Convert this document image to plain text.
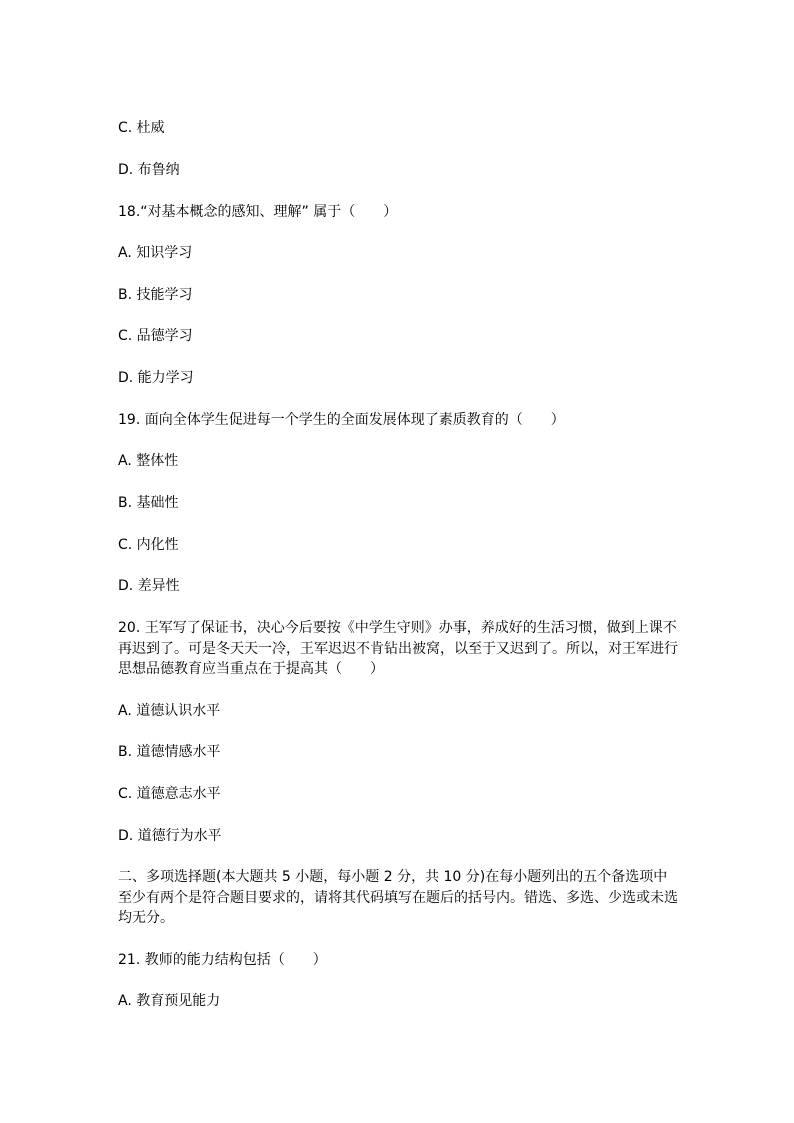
C. 杜威
D. 布鲁纳
18.“对基本概念的感知、理解” 属于（　　）
A. 知识学习
B. 技能学习
C. 品德学习
D. 能力学习
19. 面向全体学生促进每一个学生的全面发展体现了素质教育的（　　）
A. 整体性
B. 基础性
C. 内化性
D. 差异性
20. 王军写了保证书，决心今后要按《中学生守则》办事，养成好的生活习惯，做到上课不再迟到了。可是冬天天一冷，王军迟迟不肯钻出被窝，以至于又迟到了。所以，对王军进行思想品德教育应当重点在于提高其（　　）
A. 道德认识水平
B. 道德情感水平
C. 道德意志水平
D. 道德行为水平
二、多项选择题(本大题共 5 小题，每小题 2 分，共 10 分)在每小题列出的五个备选项中至少有两个是符合题目要求的，请将其代码填写在题后的括号内。错选、多选、少选或未选均无分。
21. 教师的能力结构包括（　　）
A. 教育预见能力
